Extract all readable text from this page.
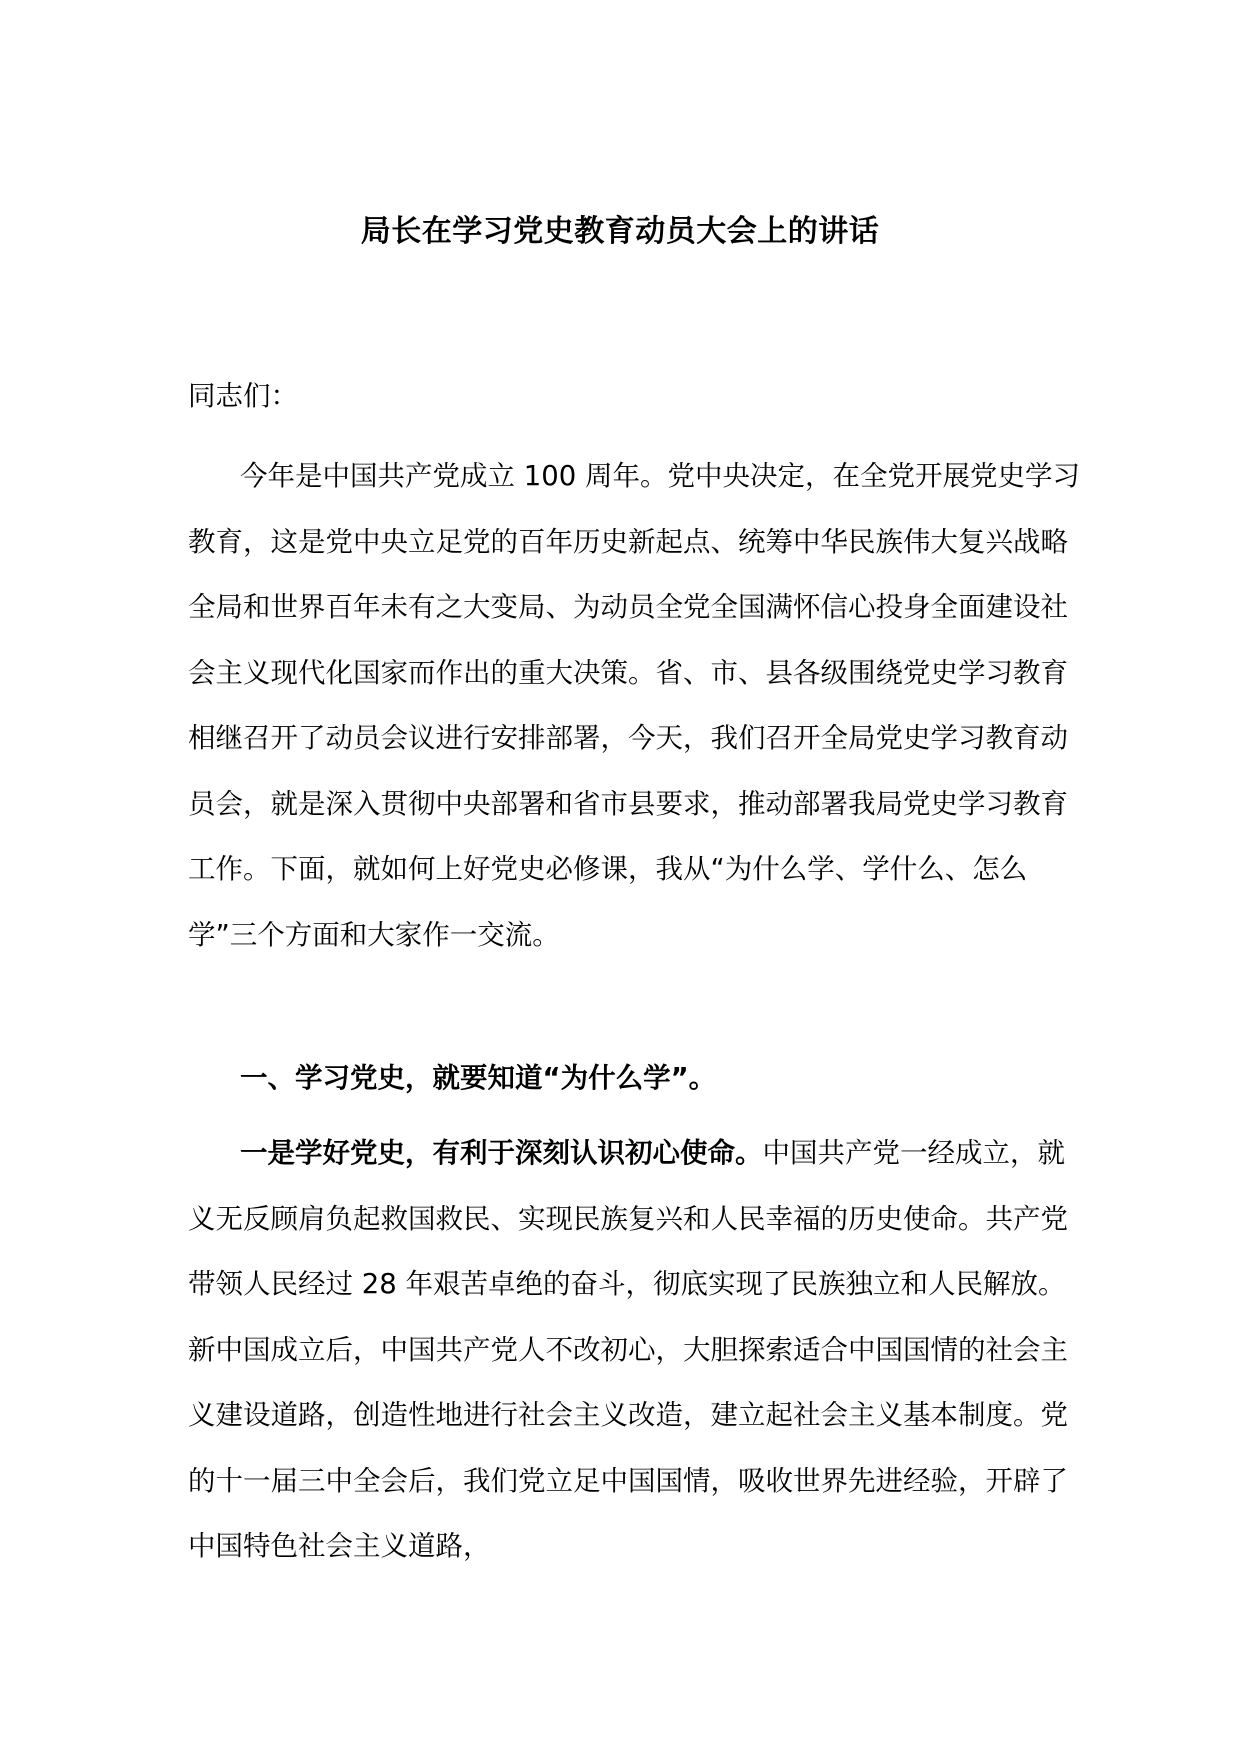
局长在学习党史教育动员大会上的讲话
同志们：

今年是中国共产党成立 100 周年。党中央决定，在全党开展党史学习教育，这是党中央立足党的百年历史新起点、统筹中华民族伟大复兴战略全局和世界百年未有之大变局、为动员全党全国满怀信心投身全面建设社会主义现代化国家而作出的重大决策。省、市、县各级围绕党史学习教育相继召开了动员会议进行安排部署，今天，我们召开全局党史学习教育动员会，就是深入贯彻中央部署和省市县要求，推动部署我局党史学习教育工作。下面，就如何上好党史必修课，我从“为什么学、学什么、怎么学”三个方面和大家作一交流。

一、学习党史，就要知道“为什么学”。

一是学好党史，有利于深刻认识初心使命。中国共产党一经成立，就义无反顾肩负起救国救民、实现民族复兴和人民幸福的历史使命。共产党带领人民经过 28 年艰苦卓绝的奋斗，彻底实现了民族独立和人民解放。新中国成立后，中国共产党人不改初心，大胆探索适合中国国情的社会主义建设道路，创造性地进行社会主义改造，建立起社会主义基本制度。党的十一届三中全会后，我们党立足中国国情，吸收世界先进经验，开辟了中国特色社会主义道路，
